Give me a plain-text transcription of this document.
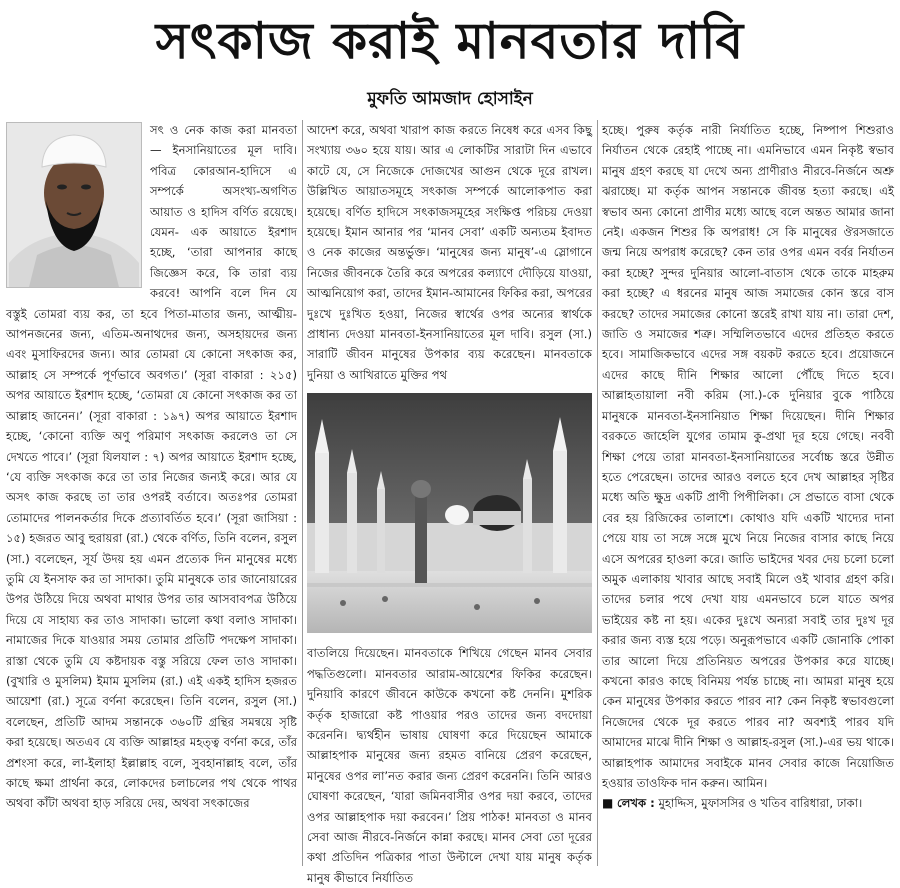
সৎকাজ করাই মানবতার দাবি
মুফতি আমজাদ হোসাইন

সৎ ও নেক কাজ করা মানবতা— ইনসানিয়াতের মূল দাবি। পবিত্র কোরআন-হাদিসে এ সম্পর্কে অসংখ্য-অগণিত আয়াত ও হাদিস বর্ণিত রয়েছে। যেমন- এক আয়াতে ইরশাদ হচ্ছে, ‘তারা আপনার কাছে জিজ্ঞেস করে, কি তারা ব্যয় করবে! আপনি বলে দিন যে বস্তুই তোমরা ব্যয় কর, তা হবে পিতা-মাতার জন্য, আত্মীয়-আপনজনের জন্য, এতিম-অনাথদের জন্য, অসহায়দের জন্য এবং মুসাফিরদের জন্য। আর তোমরা যে কোনো সৎকাজ কর, আল্লাহ সে সম্পর্কে পূর্ণভাবে অবগত।’ (সূরা বাকারা : ২১৫) অপর আয়াতে ইরশাদ হচ্ছে, ‘তোমরা যে কোনো সৎকাজ কর তা আল্লাহ জানেন।’ (সূরা বাকারা : ১৯৭) অপর আয়াতে ইরশাদ হচ্ছে, ‘কোনো ব্যক্তি অণু পরিমাণ সৎকাজ করলেও তা সে দেখতে পাবে।’ (সূরা যিলযাল : ৭) অপর আয়াতে ইরশাদ হচ্ছে, ‘যে ব্যক্তি সৎকাজ করে তা তার নিজের জন্যই করে। আর যে অসৎ কাজ করছে তা তার ওপরই বর্তাবে। অতঃপর তোমরা তোমাদের পালনকর্তার দিকে প্রত্যাবর্তিত হবে।’ (সূরা জাসিয়া : ১৫) হজরত আবু হুরায়রা (রা.) থেকে বর্ণিত, তিনি বলেন, রসুল (সা.) বলেছেন, সূর্য উদয় হয় এমন প্রত্যেক দিন মানুষের মধ্যে তুমি যে ইনসাফ কর তা সাদাকা। তুমি মানুষকে তার জানোয়ারের উপর উঠিয়ে দিয়ে অথবা মাথার উপর তার আসবাবপত্র উঠিয়ে দিয়ে যে সাহায্য কর তাও সাদাকা। ভালো কথা বলাও সাদাকা। নামাজের দিকে যাওয়ার সময় তোমার প্রতিটি পদক্ষেপ সাদাকা। রাস্তা থেকে তুমি যে কষ্টদায়ক বস্তু সরিয়ে ফেল তাও সাদাকা। (বুখারি ও মুসলিম) ইমাম মুসলিম (রা.) এই একই হাদিস হজরত আয়েশা (রা.) সূত্রে বর্ণনা করেছেন। তিনি বলেন, রসুল (সা.) বলেছেন, প্রতিটি আদম সন্তানকে ৩৬০টি গ্রন্থির সমন্বয়ে সৃষ্টি করা হয়েছে। অতএব যে ব্যক্তি আল্লাহর মহত্ত্ব বর্ণনা করে, তাঁর প্রশংসা করে, লা-ইলাহা ইল্লাল্লাহ বলে, সুবহানাল্লাহ বলে, তাঁর কাছে ক্ষমা প্রার্থনা করে, লোকদের চলাচলের পথ থেকে পাথর অথবা কাঁটা অথবা হাড় সরিয়ে দেয়, অথবা সৎকাজের

আদেশ করে, অথবা খারাপ কাজ করতে নিষেধ করে এসব কিছু সংখ্যায় ৩৬০ হয়ে যায়। আর এ লোকটির সারাটা দিন এভাবে কাটে যে, সে নিজেকে দোজখের আগুন থেকে দূরে রাখল। উল্লিখিত আয়াতসমূহে সৎকাজ সম্পর্কে আলোকপাত করা হয়েছে। বর্ণিত হাদিসে সৎকাজসমূহের সংক্ষিপ্ত পরিচয় দেওয়া হয়েছে। ইমান আনার পর ‘মানব সেবা’ একটি অন্যতম ইবাদত ও নেক কাজের অন্তর্ভুক্ত। ‘মানুষের জন্য মানুষ’-এ স্লোগানে নিজের জীবনকে তৈরি করে অপরের কল্যাণে দৌড়িয়ে যাওয়া, আত্মনিয়োগ করা, তাদের ইমান-আমানের ফিকির করা, অপরের দুঃখে দুঃখিত হওয়া, নিজের স্বার্থের ওপর অন্যের স্বার্থকে প্রাধান্য দেওয়া মানবতা-ইনসানিয়াতের মূল দাবি। রসুল (সা.) সারাটি জীবন মানুষের উপকার ব্যয় করেছেন। মানবতাকে দুনিয়া ও আখিরাতে মুক্তির পথ

বাতলিয়ে দিয়েছেন। মানবতাকে শিখিয়ে গেছেন মানব সেবার পদ্ধতিগুলো। মানবতার আরাম-আয়েশের ফিকির করেছেন। দুনিয়াবি কারণে জীবনে কাউকে কখনো কষ্ট দেননি। মুশরিক কর্তৃক হাজারো কষ্ট পাওয়ার পরও তাদের জন্য বদদোয়া করেননি। দ্ব্যর্থহীন ভাষায় ঘোষণা করে দিয়েছেন আমাকে আল্লাহপাক মানুষের জন্য রহমত বানিয়ে প্রেরণ করেছেন, মানুষের ওপর লা’নত করার জন্য প্রেরণ করেননি। তিনি আরও ঘোষণা করেছেন, ‘যারা জমিনবাসীর ওপর দয়া করবে, তাদের ওপর আল্লাহপাক দয়া করবেন।’ প্রিয় পাঠক! মানবতা ও মানব সেবা আজ নীরবে-নির্জনে কান্না করছে। মানব সেবা তো দূরের কথা প্রতিদিন পত্রিকার পাতা উল্টালে দেখা যায় মানুষ কর্তৃক মানুষ কীভাবে নির্যাতিত

হচ্ছে। পুরুষ কর্তৃক নারী নির্যাতিত হচ্ছে, নিষ্পাপ শিশুরাও নির্যাতন থেকে রেহাই পাচ্ছে না। এমনিভাবে এমন নিকৃষ্ট স্বভাব মানুষ গ্রহণ করছে যা দেখে অন্য প্রাণীরাও নীরবে-নির্জনে অশ্রু ঝরাচ্ছে। মা কর্তৃক আপন সন্তানকে জীবন্ত হত্যা করছে। এই স্বভাব অন্য কোনো প্রাণীর মধ্যে আছে বলে অন্তত আমার জানা নেই। একজন শিশুর কি অপরাধ! সে কি মানুষের ঔরসজাতে জন্ম নিয়ে অপরাধ করেছে? কেন তার ওপর এমন বর্বর নির্যাতন করা হচ্ছে? সুন্দর দুনিয়ার আলো-বাতাস থেকে তাকে মাহরুম করা হচ্ছে? এ ধরনের মানুষ আজ সমাজের কোন স্তরে বাস করছে? তাদের সমাজের কোনো স্তরেই রাখা যায় না। তারা দেশ, জাতি ও সমাজের শত্রু। সম্মিলিতভাবে এদের প্রতিহত করতে হবে। সামাজিকভাবে এদের সঙ্গ বয়কট করতে হবে। প্রয়োজনে এদের কাছে দীনি শিক্ষার আলো পৌঁছে দিতে হবে। আল্লাহতায়ালা নবী করিম (সা.)-কে দুনিয়ার বুকে পাঠিয়ে মানুষকে মানবতা-ইনসানিয়াত শিক্ষা দিয়েছেন। দীনি শিক্ষার বরকতে জাহেলি যুগের তামাম কু-প্রথা দূর হয়ে গেছে। নববী শিক্ষা পেয়ে তারা মানবতা-ইনসানিয়াতের সর্বোচ্চ স্তরে উন্নীত হতে পেরেছেন। তাদের আরও বলতে হবে দেখ আল্লাহর সৃষ্টির মধ্যে অতি ক্ষুদ্র একটি প্রাণী পিপীলিকা। সে প্রভাতে বাসা থেকে বের হয় রিজিকের তালাশে। কোথাও যদি একটি খাদ্যের দানা পেয়ে যায় তা সঙ্গে সঙ্গে মুখে নিয়ে নিজের বাসার কাছে নিয়ে এসে অপরের হাওলা করে। জাতি ভাইদের খবর দেয় চলো চলো অমুক এলাকায় খাবার আছে সবাই মিলে ওই খাবার গ্রহণ করি। তাদের চলার পথে দেখা যায় এমনভাবে চলে যাতে অপর ভাইয়ের কষ্ট না হয়। একের দুঃখে অন্যরা সবাই তার দুঃখ দূর করার জন্য ব্যস্ত হয়ে পড়ে। অনুরূপভাবে একটি জোনাকি পোকা তার আলো দিয়ে প্রতিনিয়ত অপরের উপকার করে যাচ্ছে। কখনো কারও কাছে বিনিময় পর্যন্ত চাচ্ছে না। আমরা মানুষ হয়ে কেন মানুষের উপকার করতে পারব না? কেন নিকৃষ্ট স্বভাবগুলো নিজেদের থেকে দূর করতে পারব না? অবশ্যই পারব যদি আমাদের মাঝে দীনি শিক্ষা ও আল্লাহ-রসুল (সা.)-এর ভয় থাকে। আল্লাহপাক আমাদের সবাইকে মানব সেবার কাজে নিয়োজিত হওয়ার তাওফিক দান করুন। আমিন।

■ লেখক : মুহাদ্দিস, মুফাসসির ও খতিব বারিধারা, ঢাকা।
